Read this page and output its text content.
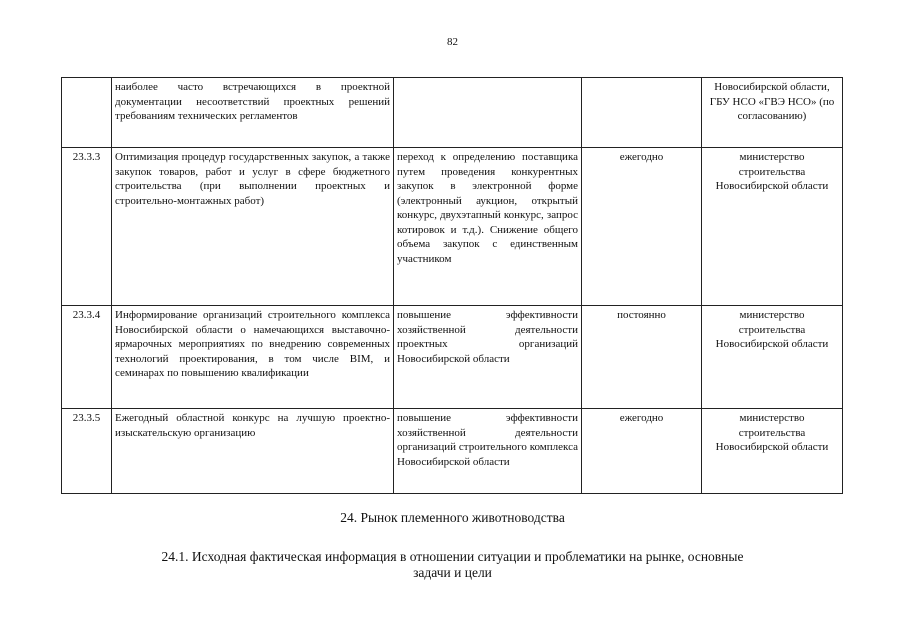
82
	наиболее часто встречающихся в проектной документации несоответствий проектных решений требованиям технических регламентов			Новосибирской области, ГБУ НСО «ГВЭ НСО» (по согласованию)
23.3.3	Оптимизация процедур государственных закупок, а также закупок товаров, работ и услуг в сфере бюджетного строительства (при выполнении проектных и строительно-монтажных работ)	переход к определению поставщика путем проведения конкурентных закупок в электронной форме (электронный аукцион, открытый конкурс, двухэтапный конкурс, запрос котировок и т.д.). Снижение общего объема закупок с единственным участником	ежегодно	министерство строительства Новосибирской области
23.3.4	Информирование организаций строительного комплекса Новосибирской области о намечающихся выставочно-ярмарочных мероприятиях по внедрению современных технологий проектирования, в том числе BIM, и семинарах по повышению квалификации	повышение эффективности хозяйственной деятельности проектных организаций Новосибирской области	постоянно	министерство строительства Новосибирской области
23.3.5	Ежегодный областной конкурс на лучшую проектно-изыскательскую организацию	повышение эффективности хозяйственной деятельности организаций строительного комплекса Новосибирской области	ежегодно	министерство строительства Новосибирской области
24. Рынок племенного животноводства
24.1. Исходная фактическая информация в отношении ситуации и проблематики на рынке, основные задачи и цели
